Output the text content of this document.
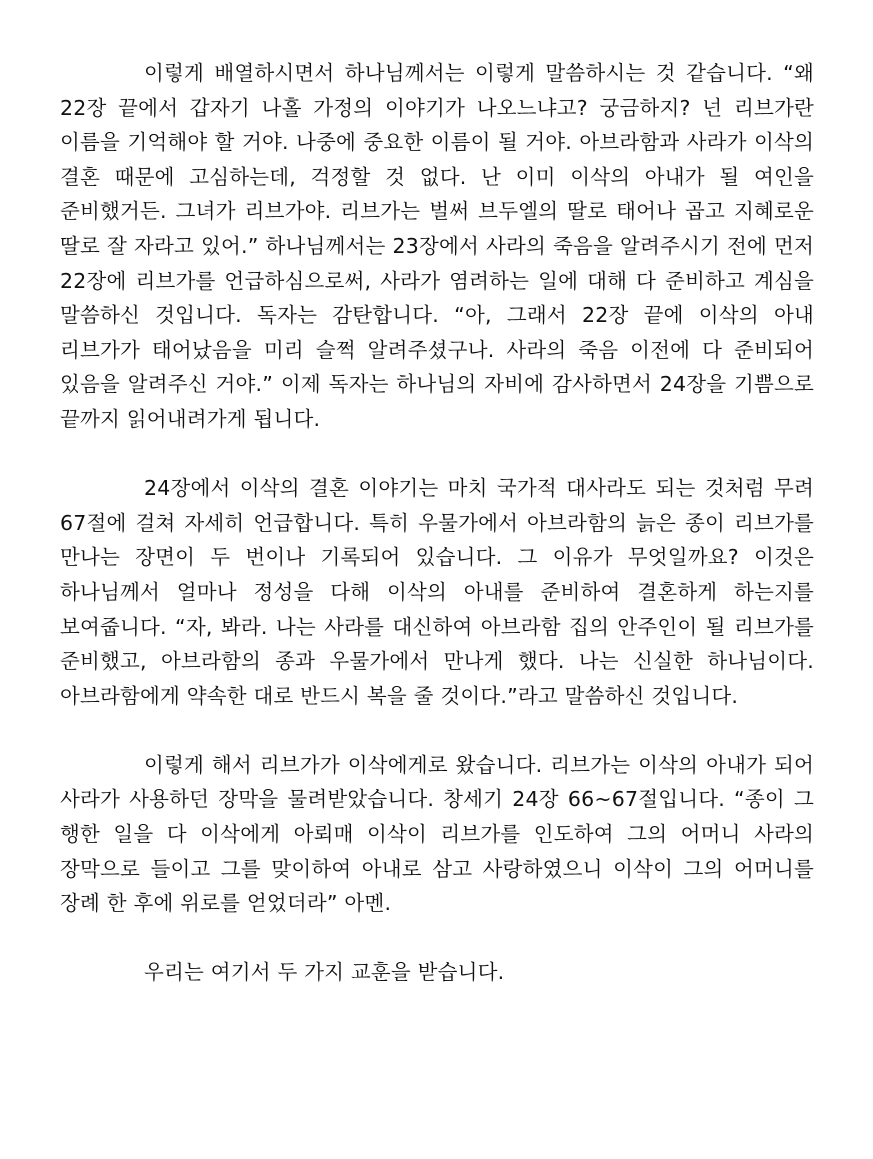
이렇게 배열하시면서 하나님께서는 이렇게 말씀하시는 것 같습니다. “왜 22장 끝에서 갑자기 나홀 가정의 이야기가 나오느냐고? 궁금하지? 넌 리브가란 이름을 기억해야 할 거야. 나중에 중요한 이름이 될 거야. 아브라함과 사라가 이삭의 결혼 때문에 고심하는데, 걱정할 것 없다. 난 이미 이삭의 아내가 될 여인을 준비했거든. 그녀가 리브가야. 리브가는 벌써 브두엘의 딸로 태어나 곱고 지혜로운 딸로 잘 자라고 있어.” 하나님께서는 23장에서 사라의 죽음을 알려주시기 전에 먼저 22장에 리브가를 언급하심으로써, 사라가 염려하는 일에 대해 다 준비하고 계심을 말씀하신 것입니다. 독자는 감탄합니다. “아, 그래서 22장 끝에 이삭의 아내 리브가가 태어났음을 미리 슬쩍 알려주셨구나. 사라의 죽음 이전에 다 준비되어 있음을 알려주신 거야.” 이제 독자는 하나님의 자비에 감사하면서 24장을 기쁨으로 끝까지 읽어내려가게 됩니다.

24장에서 이삭의 결혼 이야기는 마치 국가적 대사라도 되는 것처럼 무려 67절에 걸쳐 자세히 언급합니다. 특히 우물가에서 아브라함의 늙은 종이 리브가를 만나는 장면이 두 번이나 기록되어 있습니다. 그 이유가 무엇일까요? 이것은 하나님께서 얼마나 정성을 다해 이삭의 아내를 준비하여 결혼하게 하는지를 보여줍니다. “자, 봐라. 나는 사라를 대신하여 아브라함 집의 안주인이 될 리브가를 준비했고, 아브라함의 종과 우물가에서 만나게 했다. 나는 신실한 하나님이다. 아브라함에게 약속한 대로 반드시 복을 줄 것이다.”라고 말씀하신 것입니다.

이렇게 해서 리브가가 이삭에게로 왔습니다. 리브가는 이삭의 아내가 되어 사라가 사용하던 장막을 물려받았습니다. 창세기 24장 66~67절입니다. “종이 그 행한 일을 다 이삭에게 아뢰매 이삭이 리브가를 인도하여 그의 어머니 사라의 장막으로 들이고 그를 맞이하여 아내로 삼고 사랑하였으니 이삭이 그의 어머니를 장례 한 후에 위로를 얻었더라” 아멘.

우리는 여기서 두 가지 교훈을 받습니다.
